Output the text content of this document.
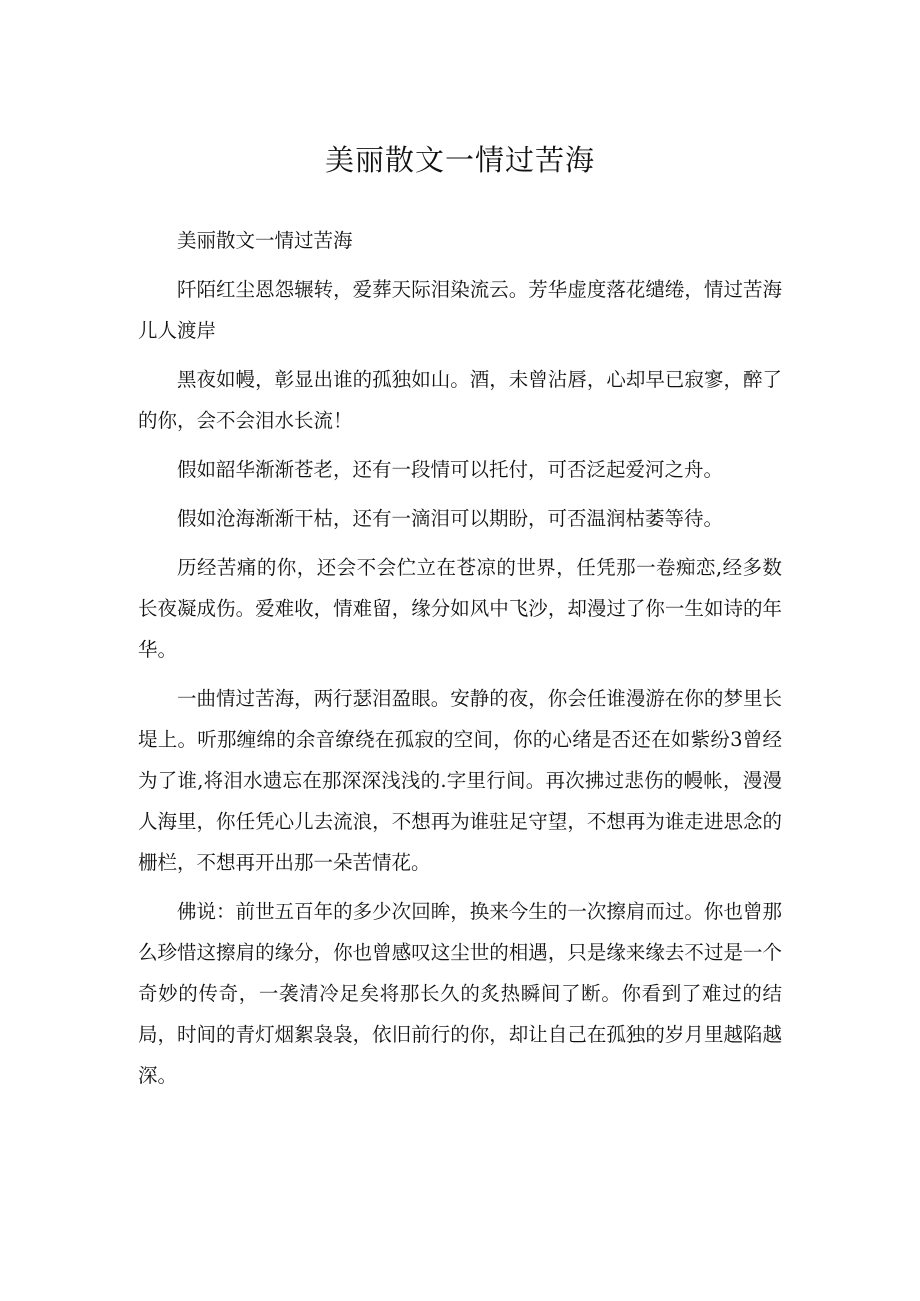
美丽散文一情过苦海

美丽散文一情过苦海

阡陌红尘恩怨辗转，爱葬天际泪染流云。芳华虚度落花缱绻，情过苦海儿人渡岸

黑夜如幔，彰显出谁的孤独如山。酒，未曾沾唇，心却早已寂寥，醉了的你，会不会泪水长流！

假如韶华渐渐苍老，还有一段情可以托付，可否泛起爱河之舟。

假如沧海渐渐干枯，还有一滴泪可以期盼，可否温润枯萎等待。

历经苦痛的你，还会不会伫立在苍凉的世界，任凭那一卷痴恋,经多数长夜凝成伤。爱难收，情难留，缘分如风中飞沙，却漫过了你一生如诗的年华。

一曲情过苦海，两行瑟泪盈眼。安静的夜，你会任谁漫游在你的梦里长堤上。听那缠绵的余音缭绕在孤寂的空间，你的心绪是否还在如紫纷3曾经为了谁,将泪水遗忘在那深深浅浅的.字里行间。再次拂过悲伤的幔帐，漫漫人海里，你任凭心儿去流浪，不想再为谁驻足守望，不想再为谁走进思念的栅栏，不想再开出那一朵苦情花。

佛说：前世五百年的多少次回眸，换来今生的一次擦肩而过。你也曾那么珍惜这擦肩的缘分，你也曾感叹这尘世的相遇，只是缘来缘去不过是一个奇妙的传奇，一袭清冷足矣将那长久的炙热瞬间了断。你看到了难过的结局，时间的青灯烟絮袅袅，依旧前行的你，却让自己在孤独的岁月里越陷越深。
